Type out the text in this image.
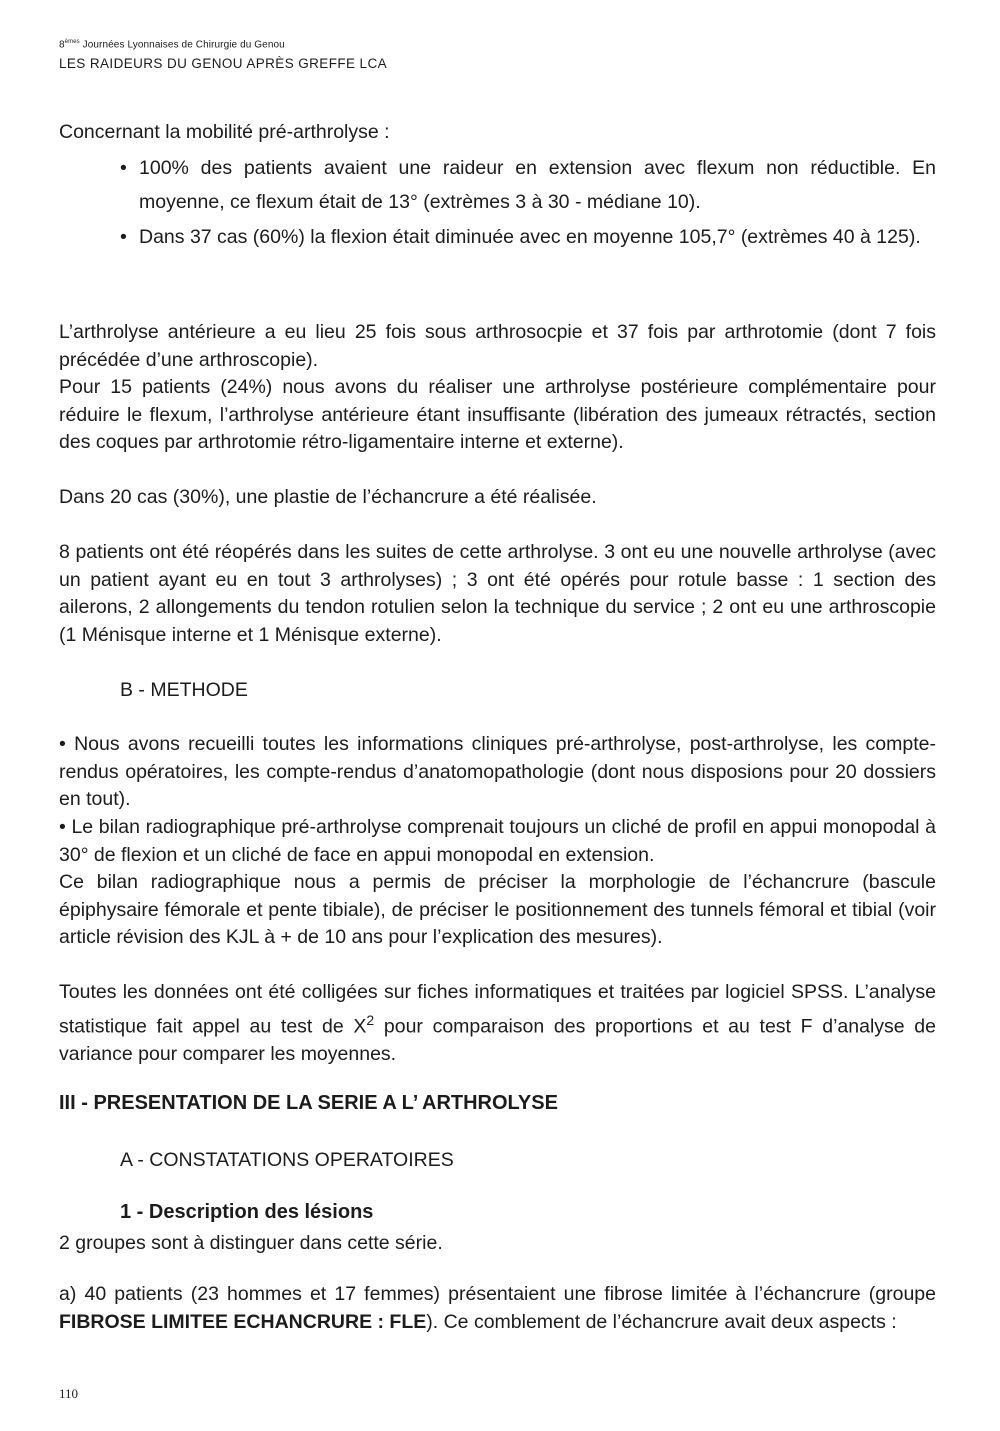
8èmes Journées Lyonnaises de Chirurgie du Genou
LES RAIDEURS DU GENOU APRÈS GREFFE LCA
Concernant la mobilité pré-arthrolyse :
• 100% des patients avaient une raideur en extension avec flexum non réductible. En moyenne, ce flexum était de 13° (extrèmes 3 à 30 - médiane 10).
• Dans 37 cas (60%) la flexion était diminuée avec en moyenne 105,7° (extrèmes 40 à 125).
L’arthrolyse antérieure a eu lieu 25 fois sous arthrosocpie et 37 fois par arthrotomie (dont 7 fois précédée d’une arthroscopie).
Pour 15 patients (24%) nous avons du réaliser une arthrolyse postérieure complémentaire pour réduire le flexum, l’arthrolyse antérieure étant insuffisante (libération des jumeaux rétractés, section des coques par arthrotomie rétro-ligamentaire interne et externe).
Dans 20 cas (30%), une plastie de l’échancrure a été réalisée.
8 patients ont été réopérés dans les suites de cette arthrolyse. 3 ont eu une nouvelle arthrolyse (avec un patient ayant eu en tout 3 arthrolyses) ; 3 ont été opérés pour rotule basse : 1 section des ailerons, 2 allongements du tendon rotulien selon la technique du service ; 2 ont eu une arthroscopie (1 Ménisque interne et 1 Ménisque externe).
B - METHODE
• Nous avons recueilli toutes les informations cliniques pré-arthrolyse, post-arthrolyse, les compte-rendus opératoires, les compte-rendus d’anatomopathologie (dont nous disposions pour 20 dossiers en tout).
• Le bilan radiographique pré-arthrolyse comprenait toujours un cliché de profil en appui monopodal à 30° de flexion et un cliché de face en appui monopodal en extension.
Ce bilan radiographique nous a permis de préciser la morphologie de l’échancrure (bascule épiphysaire fémorale et pente tibiale), de préciser le positionnement des tunnels fémoral et tibial (voir article révision des KJL à + de 10 ans pour l’explication des mesures).
Toutes les données ont été colligées sur fiches informatiques et traitées par logiciel SPSS. L’analyse statistique fait appel au test de $X^2$ pour comparaison des proportions et au test F d’analyse de variance pour comparer les moyennes.
III - PRESENTATION DE LA SERIE A L’ ARTHROLYSE
A - CONSTATATIONS OPERATOIRES
1 - Description des lésions
2 groupes sont à distinguer dans cette série.
a) 40 patients (23 hommes et 17 femmes) présentaient une fibrose limitée à l’échancrure (groupe FIBROSE LIMITEE ECHANCRURE : FLE). Ce comblement de l’échancrure avait deux aspects :
110
